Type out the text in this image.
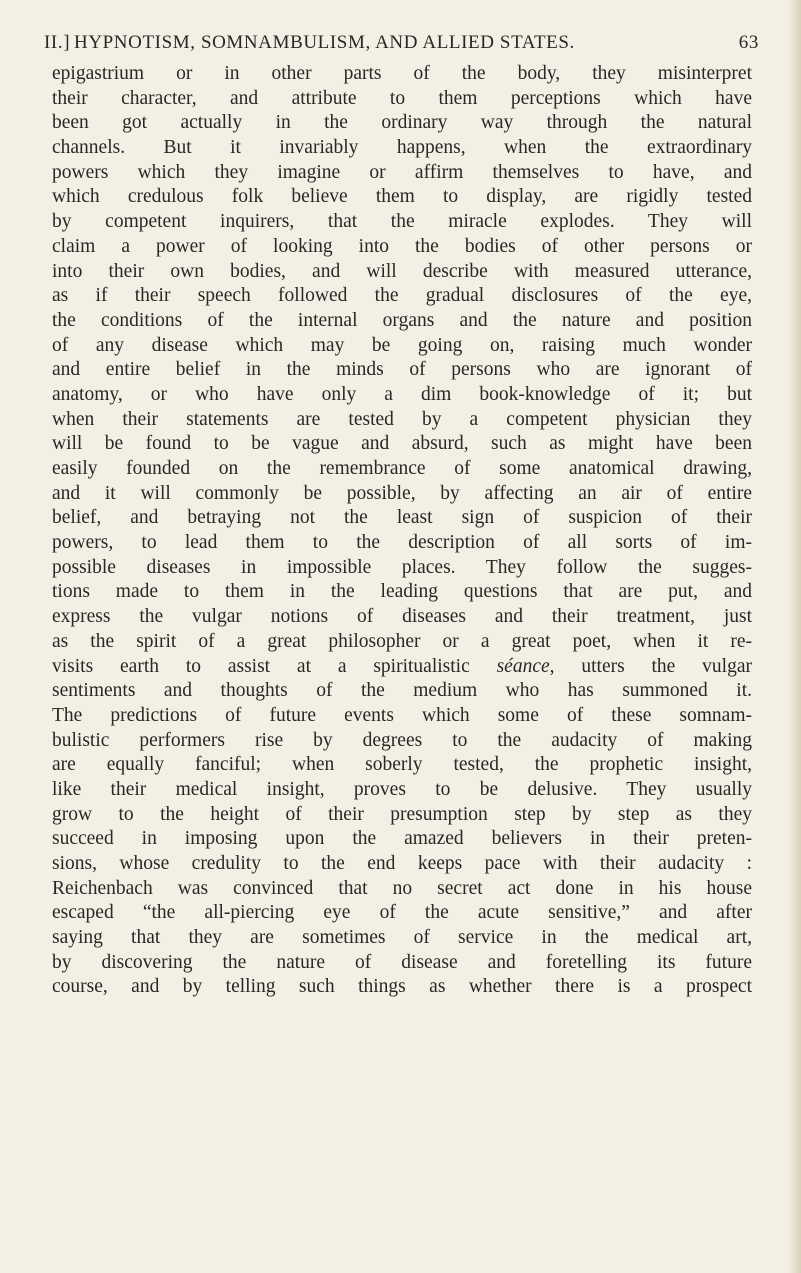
II.] HYPNOTISM, SOMNAMBULISM, AND ALLIED STATES.	63
epigastrium or in other parts of the body, they misinterpret
their character, and attribute to them perceptions which have
been got actually in the ordinary way through the natural
channels. But it invariably happens, when the extraordinary
powers which they imagine or affirm themselves to have, and
which credulous folk believe them to display, are rigidly tested
by competent inquirers, that the miracle explodes. They will
claim a power of looking into the bodies of other persons or
into their own bodies, and will describe with measured utterance,
as if their speech followed the gradual disclosures of the eye,
the conditions of the internal organs and the nature and position
of any disease which may be going on, raising much wonder
and entire belief in the minds of persons who are ignorant of
anatomy, or who have only a dim book-knowledge of it; but
when their statements are tested by a competent physician they
will be found to be vague and absurd, such as might have been
easily founded on the remembrance of some anatomical drawing,
and it will commonly be possible, by affecting an air of entire
belief, and betraying not the least sign of suspicion of their
powers, to lead them to the description of all sorts of im-
possible diseases in impossible places. They follow the sugges-
tions made to them in the leading questions that are put, and
express the vulgar notions of diseases and their treatment, just
as the spirit of a great philosopher or a great poet, when it re-
visits earth to assist at a spiritualistic séance, utters the vulgar
sentiments and thoughts of the medium who has summoned it.
The predictions of future events which some of these somnam-
bulistic performers rise by degrees to the audacity of making
are equally fanciful; when soberly tested, the prophetic insight,
like their medical insight, proves to be delusive. They usually
grow to the height of their presumption step by step as they
succeed in imposing upon the amazed believers in their preten-
sions, whose credulity to the end keeps pace with their audacity :
Reichenbach was convinced that no secret act done in his house
escaped “the all-piercing eye of the acute sensitive,” and after
saying that they are sometimes of service in the medical art,
by discovering the nature of disease and foretelling its future
course, and by telling such things as whether there is a prospect
